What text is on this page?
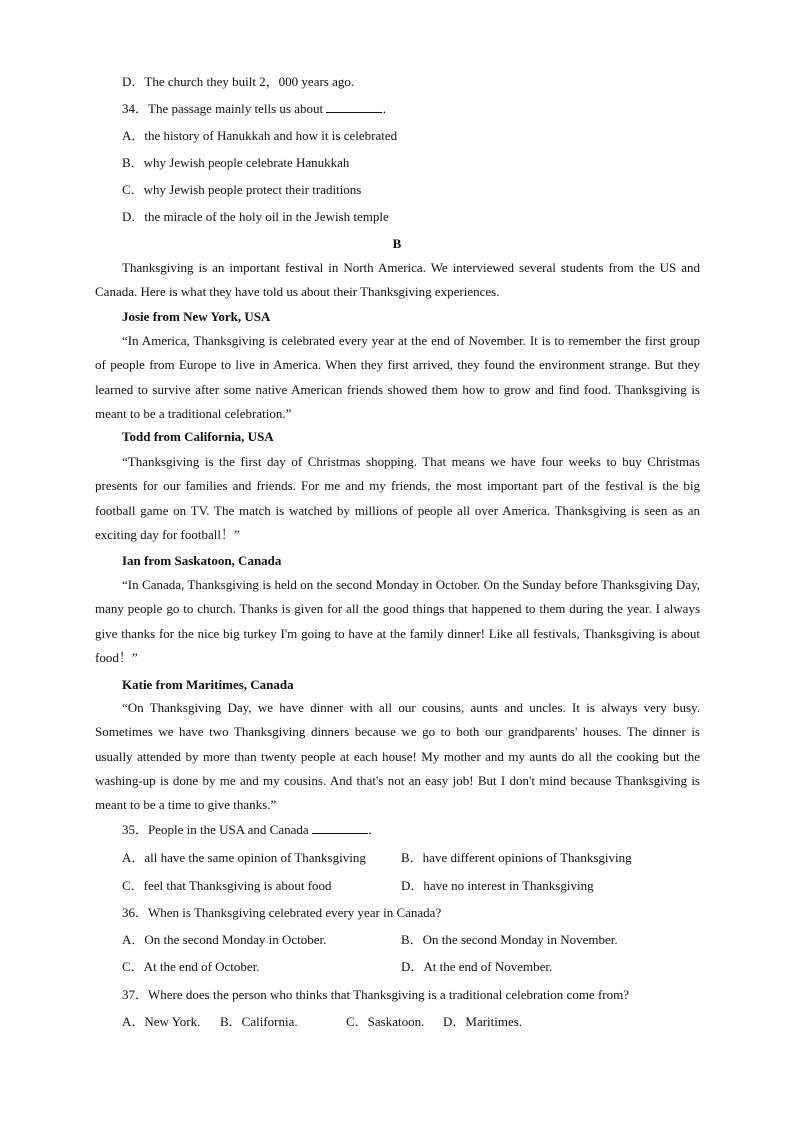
D．The church they built 2，000 years ago.
34．The passage mainly tells us about	．
A．the history of Hanukkah and how it is celebrated
B．why Jewish people celebrate Hanukkah
C．why Jewish people protect their traditions
D．the miracle of the holy oil in the Jewish temple
B
Thanksgiving is an important festival in North America. We interviewed several students from the US and Canada. Here is what they have told us about their Thanksgiving experiences.
Josie from New York, USA
“In America, Thanksgiving is celebrated every year at the end of November. It is to remember the first group of people from Europe to live in America. When they first arrived, they found the environment strange. But they learned to survive after some native American friends showed them how to grow and find food. Thanksgiving is meant to be a traditional celebration.”
Todd from California, USA
“Thanksgiving is the first day of Christmas shopping. That means we have four weeks to buy Christmas presents for our families and friends. For me and my friends, the most important part of the festival is the big football game on TV. The match is watched by millions of people all over America. Thanksgiving is seen as an exciting day for football！”
Ian from Saskatoon, Canada
“In Canada, Thanksgiving is held on the second Monday in October. On the Sunday before Thanksgiving Day, many people go to church. Thanks is given for all the good things that happened to them during the year. I always give thanks for the nice big turkey I'm going to have at the family dinner! Like all festivals, Thanksgiving is about food！”
Katie from Maritimes, Canada
“On Thanksgiving Day, we have dinner with all our cousins, aunts and uncles. It is always very busy. Sometimes we have two Thanksgiving dinners because we go to both our grandparents' houses. The dinner is usually attended by more than twenty people at each house! My mother and my aunts do all the cooking but the washing-up is done by me and my cousins. And that's not an easy job! But I don't mind because Thanksgiving is meant to be a time to give thanks.”
35．People in the USA and Canada	．
A．all have the same opinion of Thanksgiving	B．have different opinions of Thanksgiving
C．feel that Thanksgiving is about food	D．have no interest in Thanksgiving
36．When is Thanksgiving celebrated every year in Canada?
A．On the second Monday in October.	B．On the second Monday in November.
C．At the end of October.	D．At the end of November.
37．Where does the person who thinks that Thanksgiving is a traditional celebration come from?
A．New York. B．California.	C．Saskatoon. D．Maritimes.
